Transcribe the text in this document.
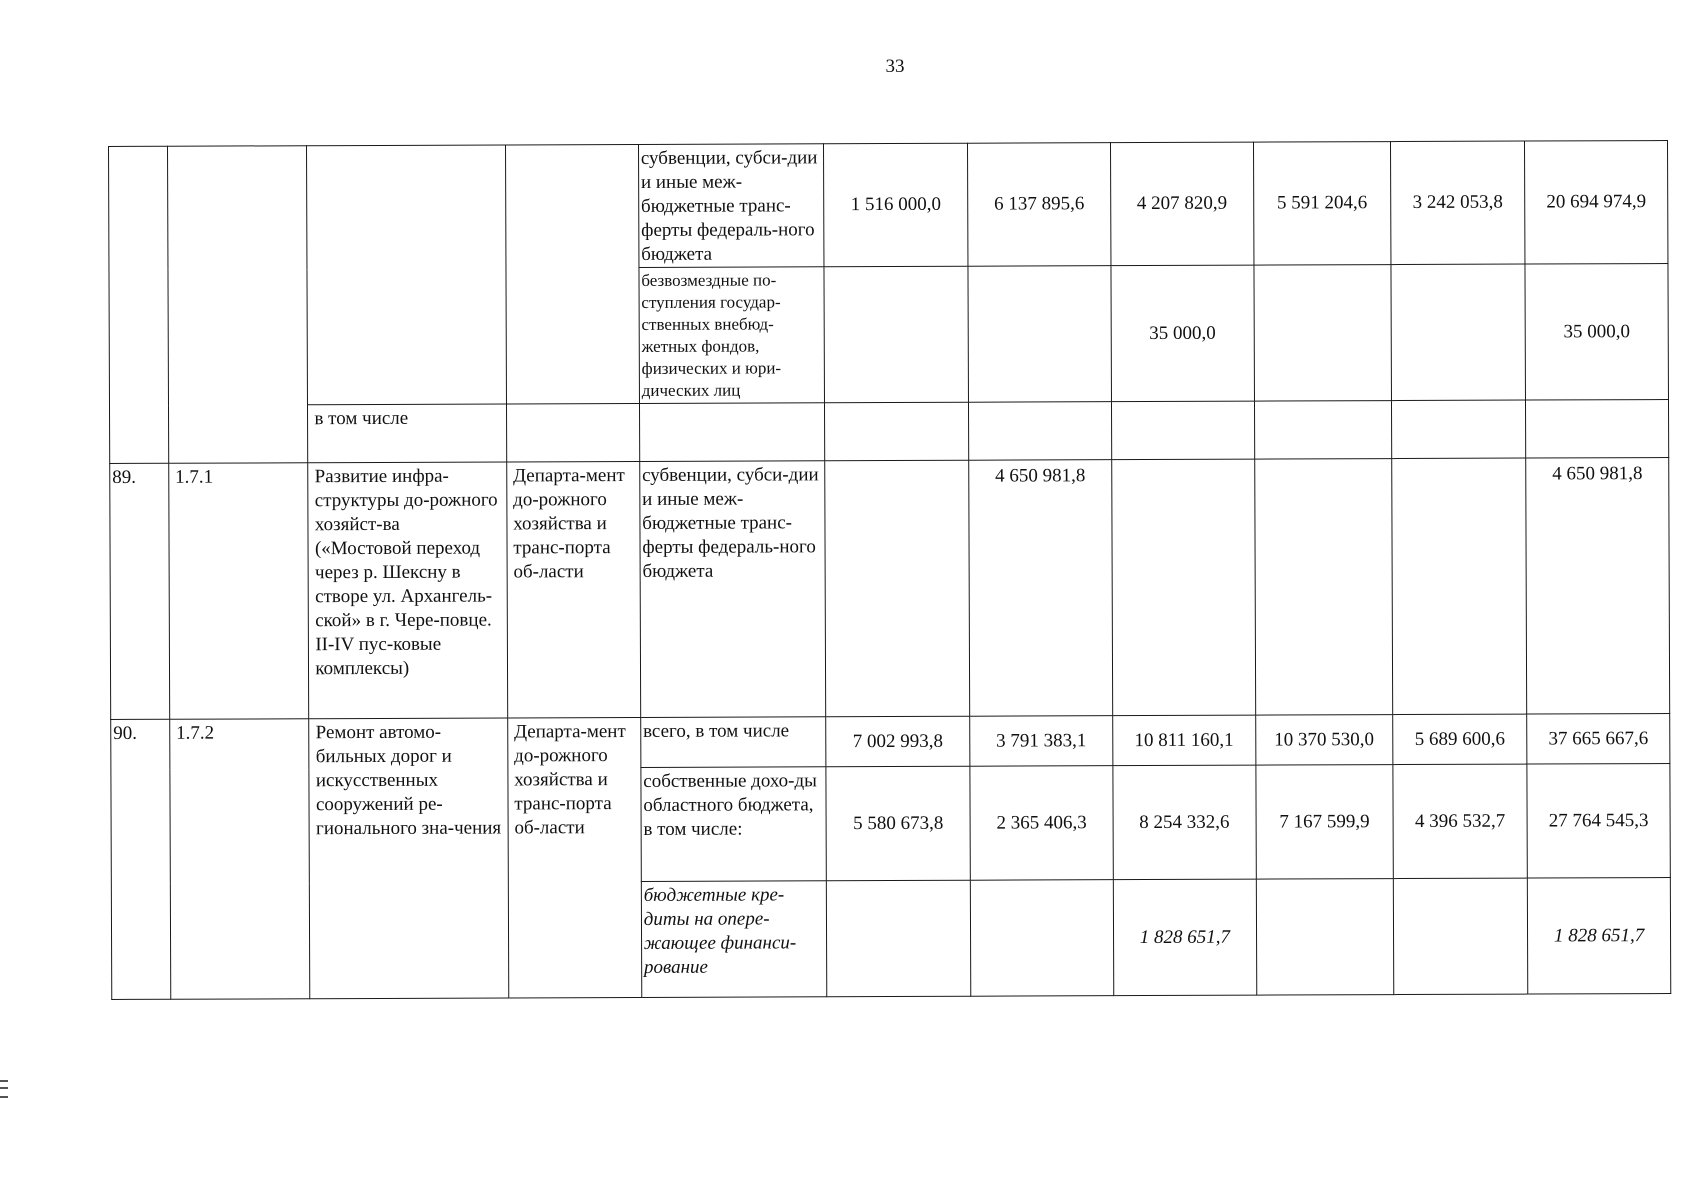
33
				субвенции, субси-дии и иные меж-бюджетные транс-ферты федераль-ного бюджета	1 516 000,0	6 137 895,6	4 207 820,9	5 591 204,6	3 242 053,8	20 694 974,9
				безвозмездные по-ступления государ-ственных внебюд-жетных фондов, физических и юри-дических лиц			35 000,0			35 000,0
		в том числе								
89.	1.7.1	Развитие инфра-структуры до-рожного хозяйст-ва («Мостовой переход через р. Шексну в створе ул. Архангель-ской» в г. Чере-повце. II-IV пус-ковые комплексы)	Департа-мент до-рожного хозяйства и транс-порта об-ласти	субвенции, субси-дии и иные меж-бюджетные транс-ферты федераль-ного бюджета		4 650 981,8				4 650 981,8
90.	1.7.2	Ремонт автомо-бильных дорог и искусственных сооружений ре-гионального зна-чения	Департа-мент до-рожного хозяйства и транс-порта об-ласти	всего, в том числе	7 002 993,8	3 791 383,1	10 811 160,1	10 370 530,0	5 689 600,6	37 665 667,6
				собственные дохо-ды областного бюджета, в том числе:	5 580 673,8	2 365 406,3	8 254 332,6	7 167 599,9	4 396 532,7	27 764 545,3
				бюджетные кре-диты на опере-жающее финанси-рование			1 828 651,7			1 828 651,7
